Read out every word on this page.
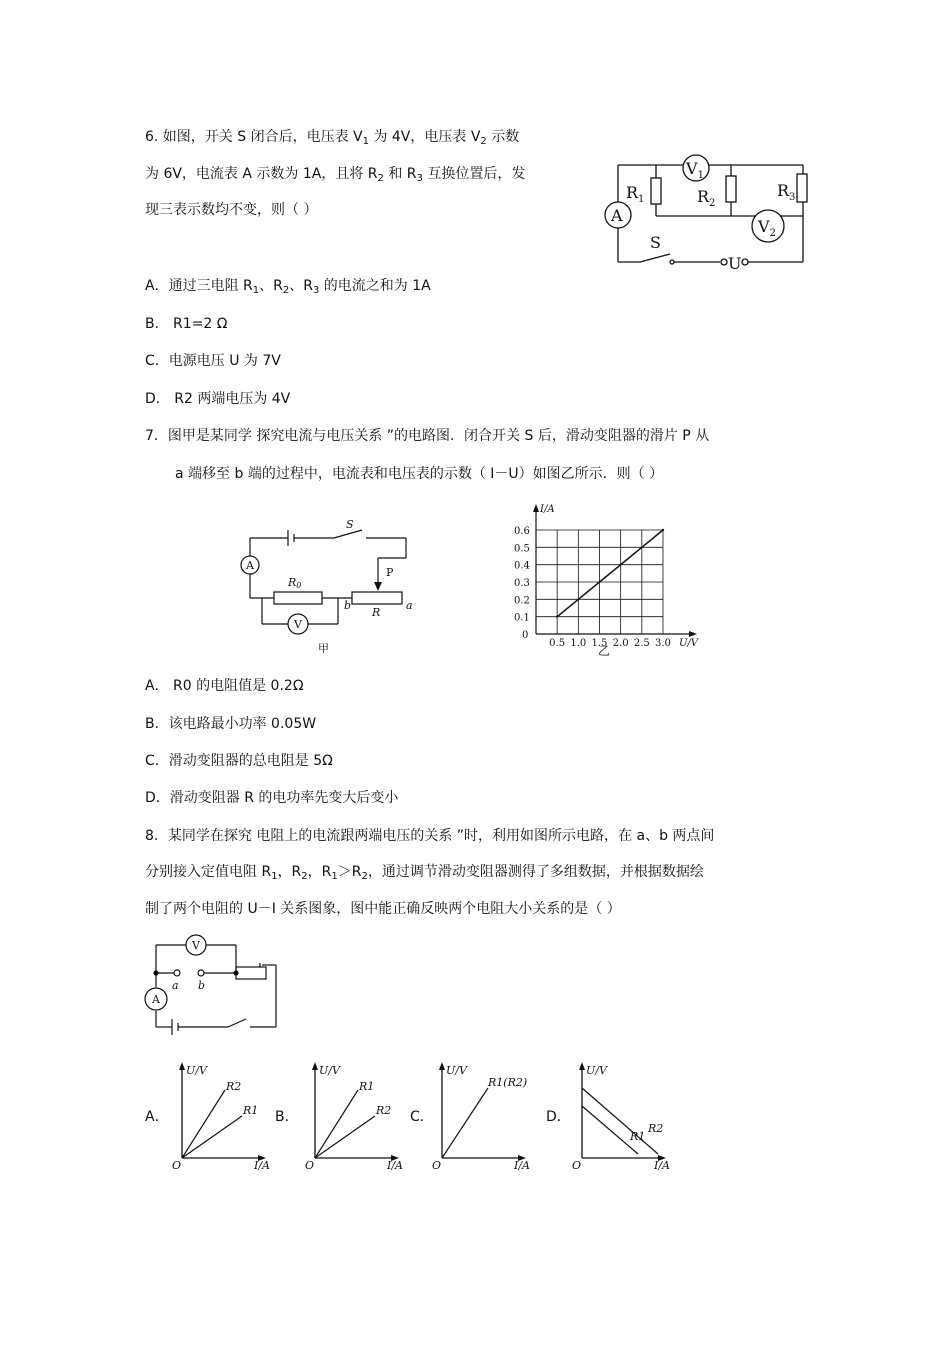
6. 如图，开关 S 闭合后，电压表 $V_1$ 为 4V，电压表 $V_2$ 示数
为 6V，电流表 A 示数为 1A，且将 $R_2$ 和 $R_3$ 互换位置后，发
现三表示数均不变，则（ ）
A．通过三电阻 $R_1$、$R_2$、$R_3$ 的电流之和为 1A
B． R1=2 Ω
C．电源电压 U 为 7V
D． R2 两端电压为 4V
A
$V_1$
$V_2$
$R_1$	$R_2$
$R_3$
S
U
7．图甲是某同学 探究电流与电压关系 ”的电路图．闭合开关 S 后，滑动变阻器的滑片 P 从
a 端移至 b 端的过程中，电流表和电压表的示数（ I－U）如图乙所示．则（ ）
A
V
S
R0
R
P
b	a
甲	0.5 1.0 1.5 2.0 2.5 3.0
0.1
0.2
0.3
0.4
0.5
0.6
0
U/V
I/A
乙
A． R0 的电阻值是 0.2Ω
B．该电路最小功率 0.05W
C．滑动变阻器的总电阻是 5Ω
D．滑动变阻器 R 的电功率先变大后变小
8．某同学在探究 电阻上的电流跟两端电压的关系 ”时，利用如图所示电路，在 a、b 两点间
分别接入定值电阻 $R_1$，$R_2$，$R_1>R_2$，通过调节滑动变阻器测得了多组数据，并根据数据绘
制了两个电阻的 U－I 关系图象，图中能正确反映两个电阻大小关系的是（ ）
A
V
a b
A．
U/V
I/A
O
R2
R1 B．
U/V
I/A
O
R1
R2 C．
U/V
I/A
O
R1(R2)
D．
U/V
I/A
O
R2
R1
